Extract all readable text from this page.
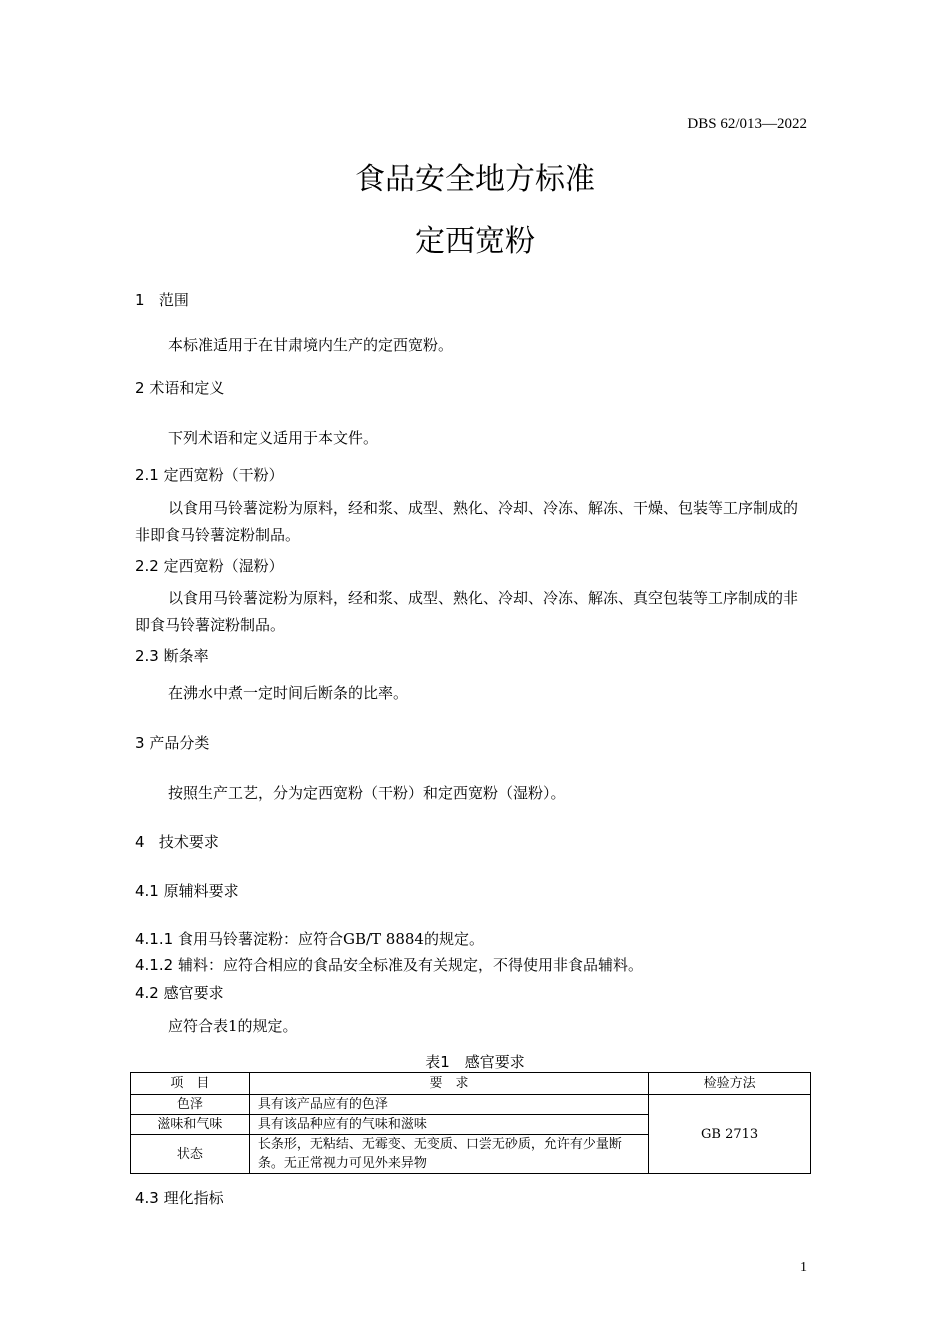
DBS 62/013—2022
食品安全地方标准
定西宽粉
1 范围
本标准适用于在甘肃境内生产的定西宽粉。
2 术语和定义
下列术语和定义适用于本文件。
2.1 定西宽粉（干粉）
以食用马铃薯淀粉为原料，经和浆、成型、熟化、冷却、冷冻、解冻、干燥、包装等工序制成的非即食马铃薯淀粉制品。
2.2 定西宽粉（湿粉）
以食用马铃薯淀粉为原料，经和浆、成型、熟化、冷却、冷冻、解冻、真空包装等工序制成的非即食马铃薯淀粉制品。
2.3 断条率
在沸水中煮一定时间后断条的比率。
3 产品分类
按照生产工艺，分为定西宽粉（干粉）和定西宽粉（湿粉）。
4 技术要求
4.1 原辅料要求
4.1.1 食用马铃薯淀粉：应符合GB/T 8884的规定。
4.1.2 辅料：应符合相应的食品安全标准及有关规定，不得使用非食品辅料。
4.2 感官要求
应符合表1的规定。
表1　感官要求
项　目	要　求	检验方法
色泽	具有该产品应有的色泽	GB 2713
滋味和气味	具有该品种应有的气味和滋味	
状态	长条形，无粘结、无霉变、无变质、口尝无砂质，允许有少量断条。无正常视力可见外来异物	
4.3 理化指标
1
